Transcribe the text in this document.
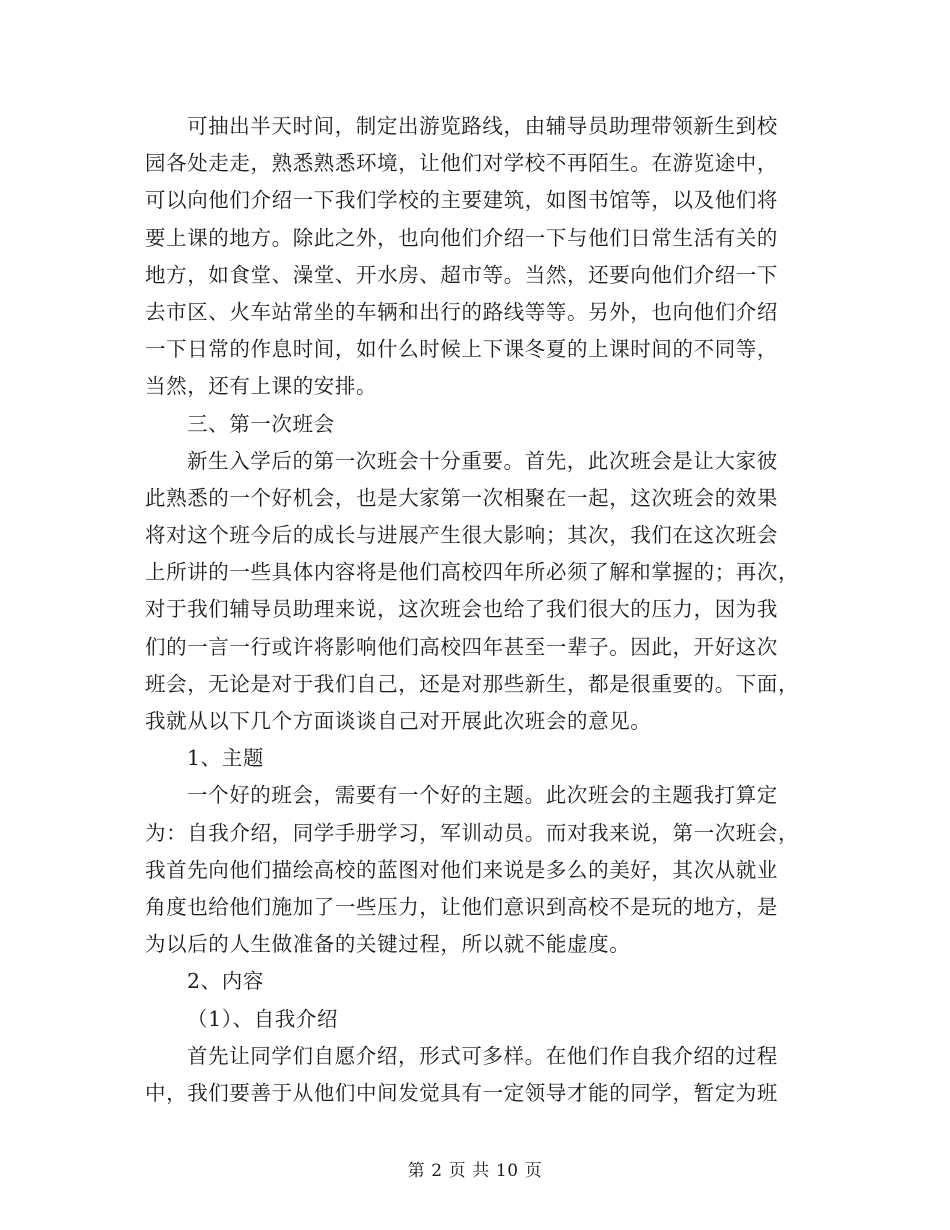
可抽出半天时间，制定出游览路线，由辅导员助理带领新生到校
园各处走走，熟悉熟悉环境，让他们对学校不再陌生。在游览途中，
可以向他们介绍一下我们学校的主要建筑，如图书馆等，以及他们将
要上课的地方。除此之外，也向他们介绍一下与他们日常生活有关的
地方，如食堂、澡堂、开水房、超市等。当然，还要向他们介绍一下
去市区、火车站常坐的车辆和出行的路线等等。另外，也向他们介绍
一下日常的作息时间，如什么时候上下课冬夏的上课时间的不同等，
当然，还有上课的安排。
三、第一次班会
新生入学后的第一次班会十分重要。首先，此次班会是让大家彼
此熟悉的一个好机会，也是大家第一次相聚在一起，这次班会的效果
将对这个班今后的成长与进展产生很大影响；其次，我们在这次班会
上所讲的一些具体内容将是他们高校四年所必须了解和掌握的；再次，
对于我们辅导员助理来说，这次班会也给了我们很大的压力，因为我
们的一言一行或许将影响他们高校四年甚至一辈子。因此，开好这次
班会，无论是对于我们自己，还是对那些新生，都是很重要的。下面，
我就从以下几个方面谈谈自己对开展此次班会的意见。
1、主题
一个好的班会，需要有一个好的主题。此次班会的主题我打算定
为：自我介绍，同学手册学习，军训动员。而对我来说，第一次班会，
我首先向他们描绘高校的蓝图对他们来说是多么的美好，其次从就业
角度也给他们施加了一些压力，让他们意识到高校不是玩的地方，是
为以后的人生做准备的关键过程，所以就不能虚度。
2、内容
（1）、自我介绍
首先让同学们自愿介绍，形式可多样。在他们作自我介绍的过程
中，我们要善于从他们中间发觉具有一定领导才能的同学，暂定为班
第 2 页 共 10 页
